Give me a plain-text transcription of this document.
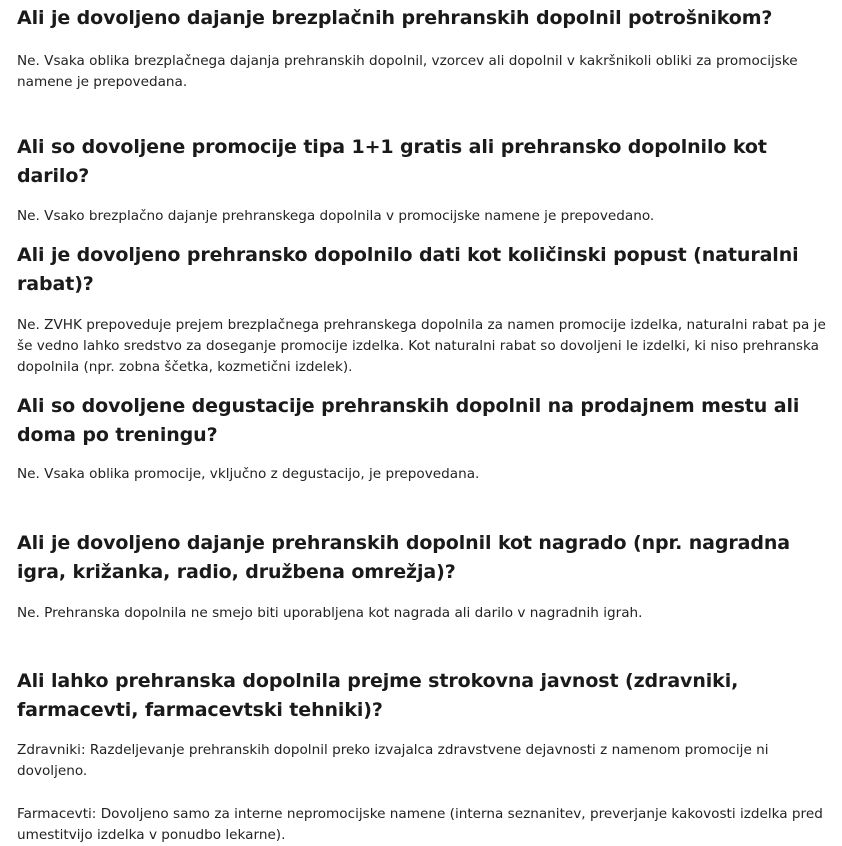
Ali je dovoljeno dajanje brezplačnih prehranskih dopolnil potrošnikom?

Ne. Vsaka oblika brezplačnega dajanja prehranskih dopolnil, vzorcev ali dopolnil v kakršnikoli obliki za promocijske namene je prepovedana.

Ali so dovoljene promocije tipa 1+1 gratis ali prehransko dopolnilo kot darilo?

Ne. Vsako brezplačno dajanje prehranskega dopolnila v promocijske namene je prepovedano.

Ali je dovoljeno prehransko dopolnilo dati kot količinski popust (naturalni rabat)?

Ne. ZVHK prepoveduje prejem brezplačnega prehranskega dopolnila za namen promocije izdelka, naturalni rabat pa je še vedno lahko sredstvo za doseganje promocije izdelka. Kot naturalni rabat so dovoljeni le izdelki, ki niso prehranska dopolnila (npr. zobna ščetka, kozmetični izdelek).

Ali so dovoljene degustacije prehranskih dopolnil na prodajnem mestu ali doma po treningu?

Ne. Vsaka oblika promocije, vključno z degustacijo, je prepovedana.

Ali je dovoljeno dajanje prehranskih dopolnil kot nagrado (npr. nagradna igra, križanka, radio, družbena omrežja)?

Ne. Prehranska dopolnila ne smejo biti uporabljena kot nagrada ali darilo v nagradnih igrah.

Ali lahko prehranska dopolnila prejme strokovna javnost (zdravniki, farmacevti, farmacevtski tehniki)?

Zdravniki: Razdeljevanje prehranskih dopolnil preko izvajalca zdravstvene dejavnosti z namenom promocije ni dovoljeno.

Farmacevti: Dovoljeno samo za interne nepromocijske namene (interna seznanitev, preverjanje kakovosti izdelka pred umestitvijo izdelka v ponudbo lekarne).
